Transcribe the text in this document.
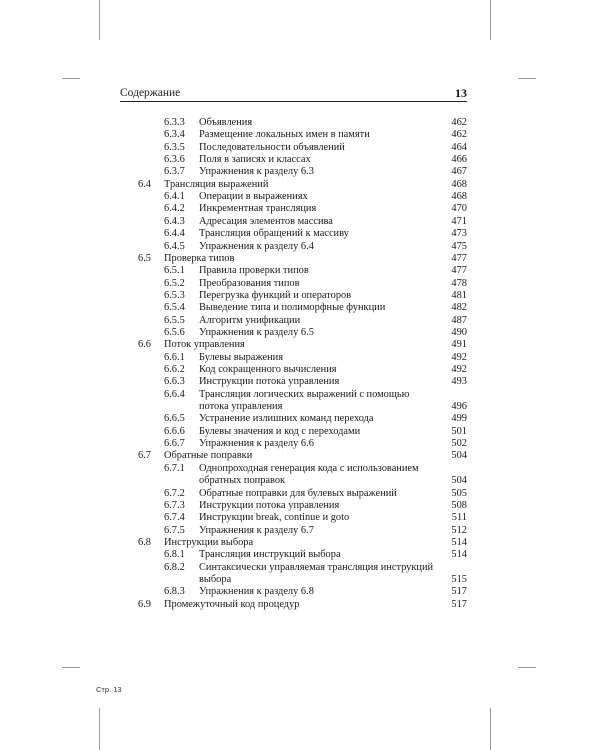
Содержание	13
6.3.3 Объявления	462
6.3.4 Размещение локальных имен в памяти	462
6.3.5 Последовательности объявлений	464
6.3.6 Поля в записях и классах	466
6.3.7 Упражнения к разделу 6.3	467
6.4 Трансляция выражений	468
6.4.1 Операции в выражениях	468
6.4.2 Инкрементная трансляция	470
6.4.3 Адресация элементов массива	471
6.4.4 Трансляция обращений к массиву	473
6.4.5 Упражнения к разделу 6.4	475
6.5 Проверка типов	477
6.5.1 Правила проверки типов	477
6.5.2 Преобразования типов	478
6.5.3 Перегрузка функций и операторов	481
6.5.4 Выведение типа и полиморфные функции	482
6.5.5 Алгоритм унификации	487
6.5.6 Упражнения к разделу 6.5	490
6.6 Поток управления	491
6.6.1 Булевы выражения	492
6.6.2 Код сокращенного вычисления	492
6.6.3 Инструкции потока управления	493
6.6.4 Трансляция логических выражений с помощью
потока управления	496
6.6.5 Устранение излишних команд перехода	499
6.6.6 Булевы значения и код с переходами	501
6.6.7 Упражнения к разделу 6.6	502
6.7 Обратные поправки	504
6.7.1 Однопроходная генерация кода с использованием
обратных поправок	504
6.7.2 Обратные поправки для булевых выражений	505
6.7.3 Инструкции потока управления	508
6.7.4 Инструкции break, continue и goto	511
6.7.5 Упражнения к разделу 6.7	512
6.8 Инструкции выбора	514
6.8.1 Трансляция инструкций выбора	514
6.8.2 Синтаксически управляемая трансляция инструкций
выбора	515
6.8.3 Упражнения к разделу 6.8	517
6.9 Промежуточный код процедур	517
Стр. 13
